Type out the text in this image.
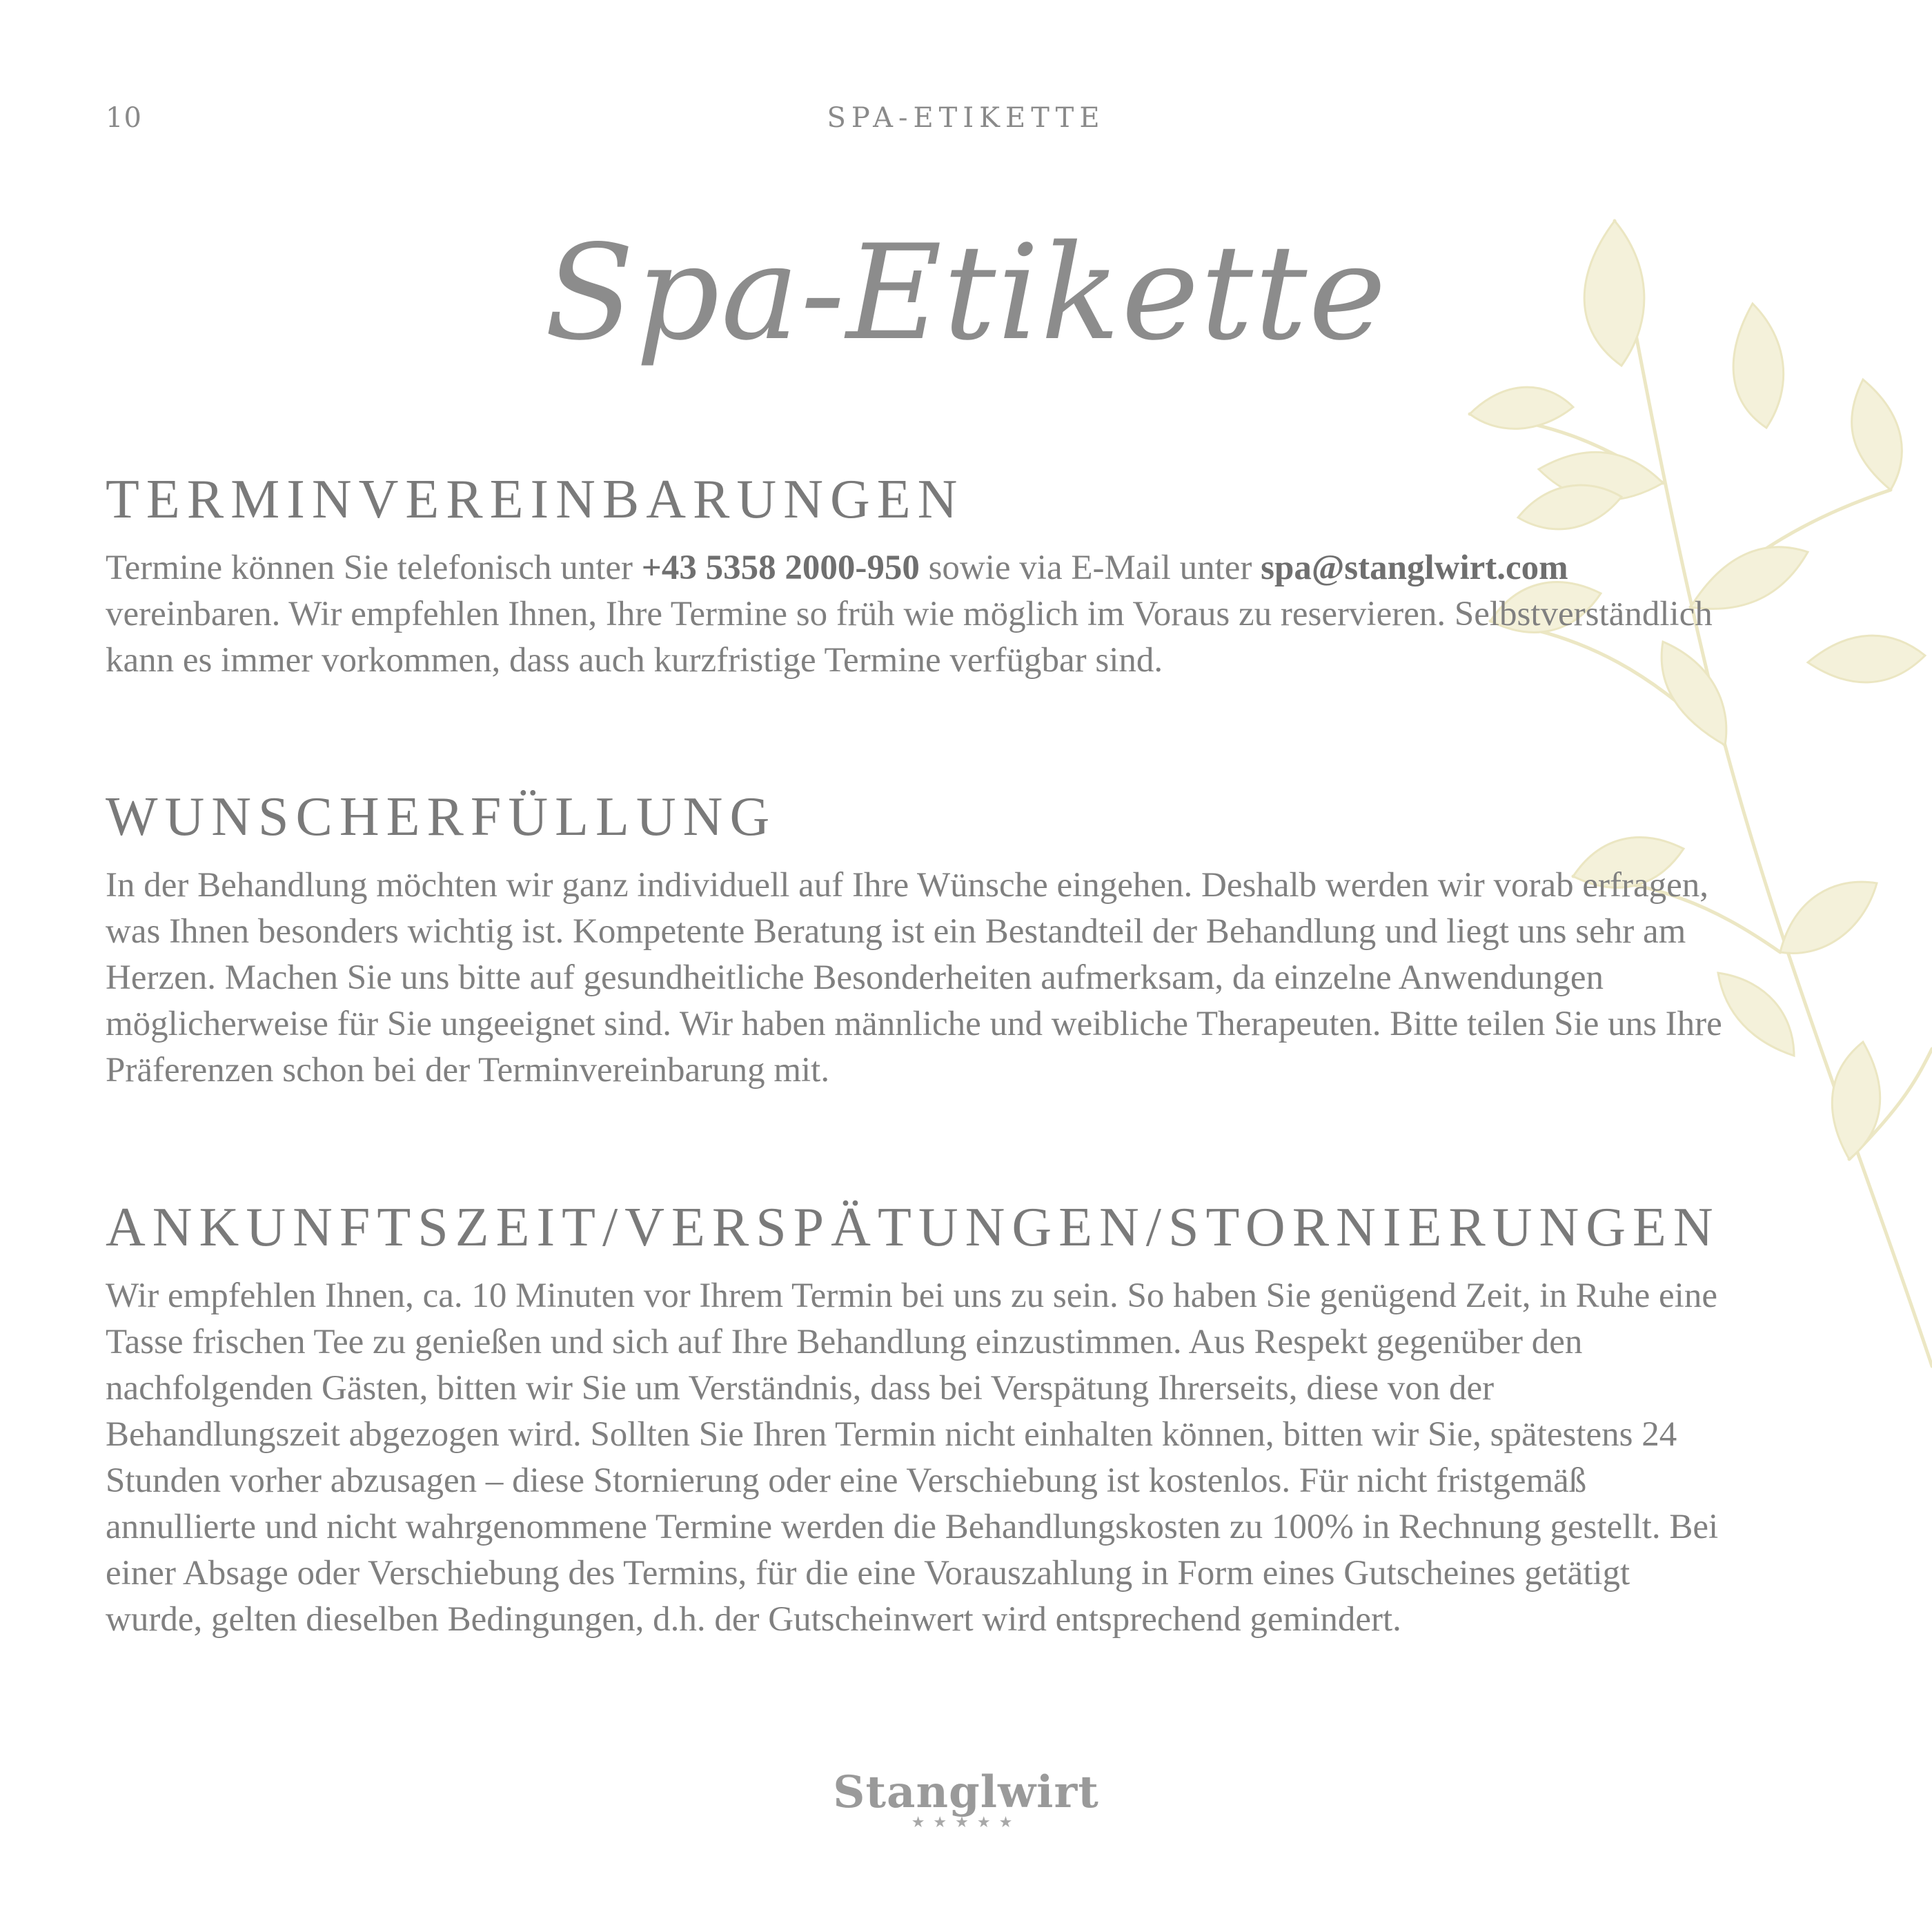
10	SPA-ETIKETTE
Spa-Etikette
TERMINVEREINBARUNGEN

Termine können Sie telefonisch unter +43 5358 2000-950 sowie via E-Mail unter spa@stanglwirt.com vereinbaren. Wir empfehlen Ihnen, Ihre Termine so früh wie möglich im Voraus zu reservieren. Selbstverständlich kann es immer vorkommen, dass auch kurzfristige Termine verfügbar sind.

WUNSCHERFÜLLUNG

In der Behandlung möchten wir ganz individuell auf Ihre Wünsche eingehen. Deshalb werden wir vorab erfragen, was Ihnen besonders wichtig ist. Kompetente Beratung ist ein Bestandteil der Behandlung und liegt uns sehr am Herzen. Machen Sie uns bitte auf gesundheitliche Besonderheiten aufmerksam, da einzelne Anwendungen möglicherweise für Sie ungeeignet sind. Wir haben männliche und weibliche Therapeuten. Bitte teilen Sie uns Ihre Präferenzen schon bei der Terminvereinbarung mit.

ANKUNFTSZEIT/VERSPÄTUNGEN/STORNIERUNGEN

Wir empfehlen Ihnen, ca. 10 Minuten vor Ihrem Termin bei uns zu sein. So haben Sie genügend Zeit, in Ruhe eine Tasse frischen Tee zu genießen und sich auf Ihre Behandlung einzustimmen. Aus Respekt gegenüber den nachfolgenden Gästen, bitten wir Sie um Verständnis, dass bei Verspätung Ihrerseits, diese von der Behandlungszeit abgezogen wird. Sollten Sie Ihren Termin nicht einhalten können, bitten wir Sie, spätestens 24 Stunden vorher abzusagen – diese Stornierung oder eine Verschiebung ist kostenlos. Für nicht fristgemäß annullierte und nicht wahrgenommene Termine werden die Behandlungskosten zu 100% in Rechnung gestellt. Bei einer Absage oder Verschiebung des Termins, für die eine Vorauszahlung in Form eines Gutscheines getätigt wurde, gelten dieselben Bedingungen, d.h. der Gutscheinwert wird entsprechend gemindert.

Stanglwirt
★★★★★
